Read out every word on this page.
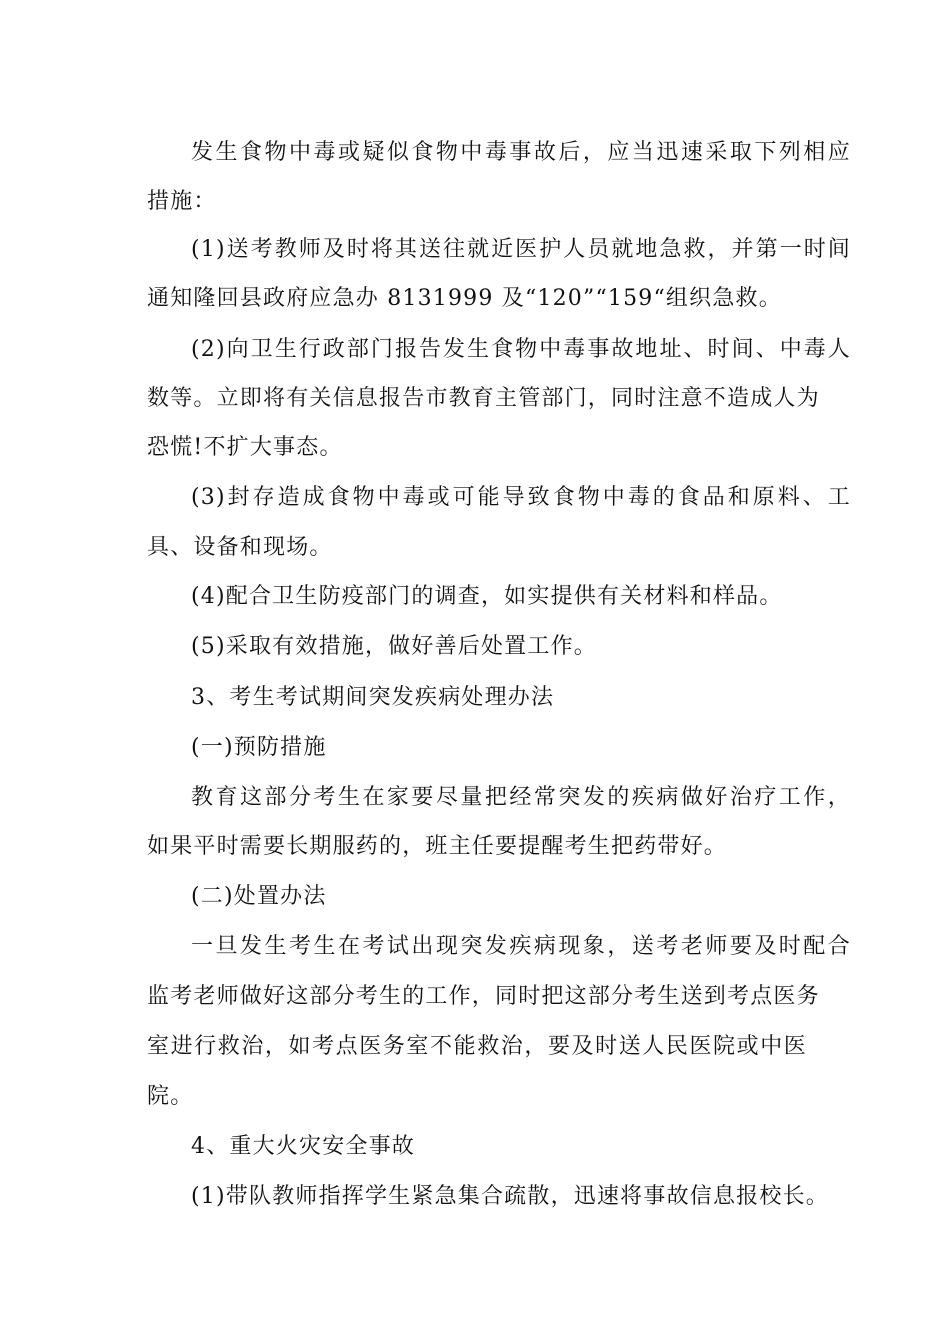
发生食物中毒或疑似食物中毒事故后，应当迅速采取下列相应
措施：
(1)送考教师及时将其送往就近医护人员就地急救，并第一时间
通知隆回县政府应急办 8131999 及“120”“159“组织急救。
(2)向卫生行政部门报告发生食物中毒事故地址、时间、中毒人
数等。立即将有关信息报告市教育主管部门，同时注意不造成人为
恐慌!不扩大事态。
(3)封存造成食物中毒或可能导致食物中毒的食品和原料、工
具、设备和现场。
(4)配合卫生防疫部门的调查，如实提供有关材料和样品。
(5)采取有效措施，做好善后处置工作。
3、考生考试期间突发疾病处理办法
(一)预防措施
教育这部分考生在家要尽量把经常突发的疾病做好治疗工作，
如果平时需要长期服药的，班主任要提醒考生把药带好。
(二)处置办法
一旦发生考生在考试出现突发疾病现象，送考老师要及时配合
监考老师做好这部分考生的工作，同时把这部分考生送到考点医务
室进行救治，如考点医务室不能救治，要及时送人民医院或中医
院。
4、重大火灾安全事故
(1)带队教师指挥学生紧急集合疏散，迅速将事故信息报校长。
